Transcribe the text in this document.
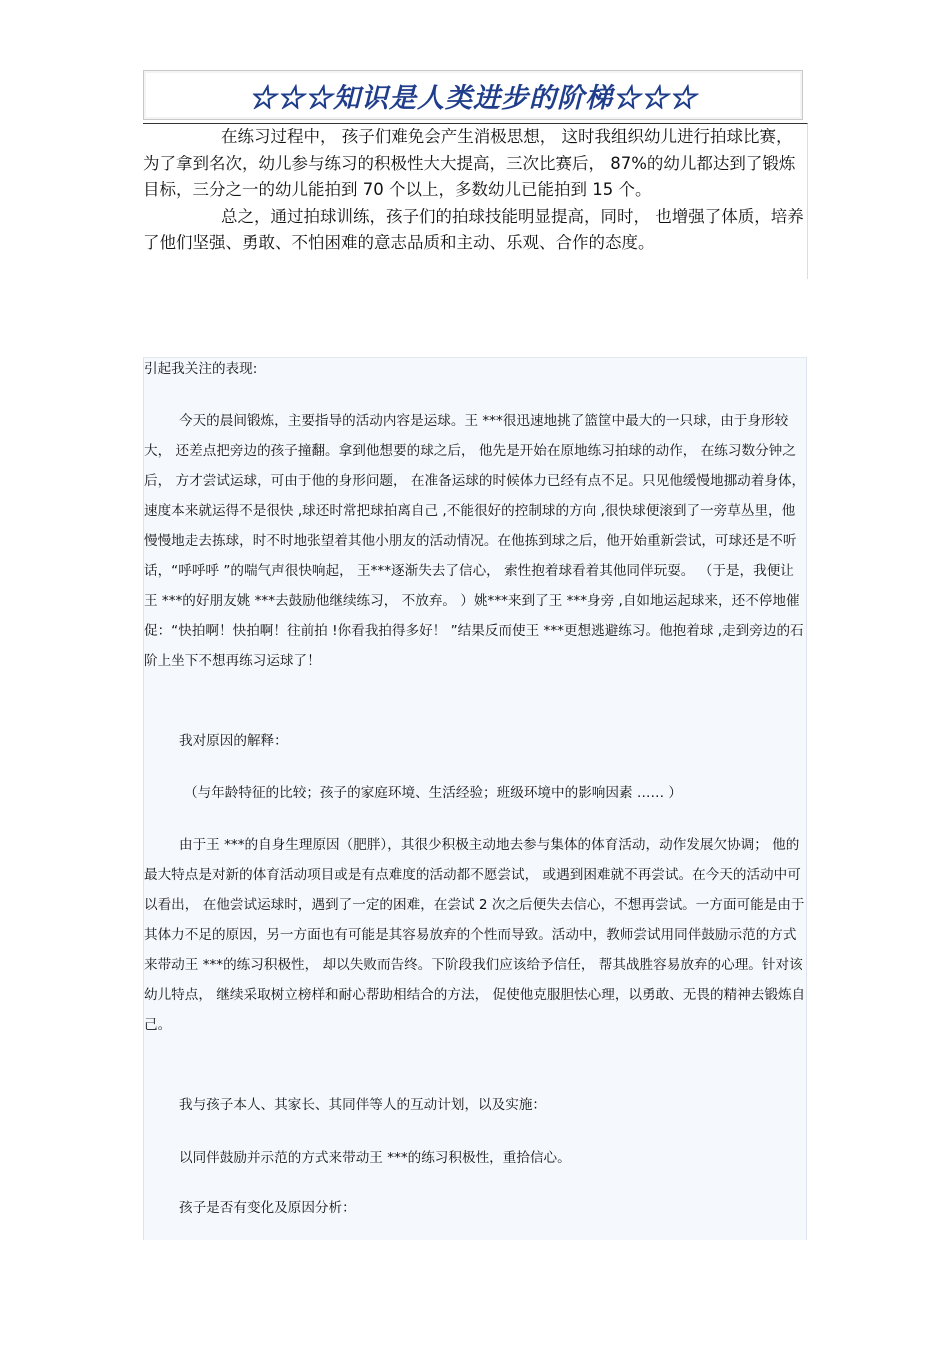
☆☆☆知识是人类进步的阶梯☆☆☆

在练习过程中， 孩子们难免会产生消极思想， 这时我组织幼儿进行拍球比赛，为了拿到名次，幼儿参与练习的积极性大大提高，三次比赛后， 87%的幼儿都达到了锻炼目标，三分之一的幼儿能拍到 70 个以上，多数幼儿已能拍到 15 个。

总之，通过拍球训练，孩子们的拍球技能明显提高，同时， 也增强了体质，培养了他们坚强、勇敢、不怕困难的意志品质和主动、乐观、合作的态度。

引起我关注的表现:

今天的晨间锻炼，主要指导的活动内容是运球。王 ***很迅速地挑了篮筐中最大的一只球，由于身形较大， 还差点把旁边的孩子撞翻。拿到他想要的球之后， 他先是开始在原地练习拍球的动作， 在练习数分钟之后， 方才尝试运球，可由于他的身形问题， 在准备运球的时候体力已经有点不足。只见他缓慢地挪动着身体，速度本来就运得不是很快 ,球还时常把球拍离自己 ,不能很好的控制球的方向 ,很快球便滚到了一旁草丛里，他慢慢地走去拣球，时不时地张望着其他小朋友的活动情况。在他拣到球之后，他开始重新尝试，可球还是不听话，“呼呼呼 ”的喘气声很快响起， 王***逐渐失去了信心， 索性抱着球看着其他同伴玩耍。 （于是，我便让王 ***的好朋友姚 ***去鼓励他继续练习， 不放弃。 ）姚***来到了王 ***身旁 ,自如地运起球来，还不停地催促：“快拍啊！快拍啊！往前拍 !你看我拍得多好！ ”结果反而使王 ***更想逃避练习。他抱着球 ,走到旁边的石阶上坐下不想再练习运球了！

我对原因的解释：
（与年龄特征的比较；孩子的家庭环境、生活经验；班级环境中的影响因素 …… ）

由于王 ***的自身生理原因（肥胖），其很少积极主动地去参与集体的体育活动，动作发展欠协调； 他的最大特点是对新的体育活动项目或是有点难度的活动都不愿尝试， 或遇到困难就不再尝试。在今天的活动中可以看出， 在他尝试运球时，遇到了一定的困难，在尝试 2 次之后便失去信心，不想再尝试。一方面可能是由于其体力不足的原因，另一方面也有可能是其容易放弃的个性而导致。活动中，教师尝试用同伴鼓励示范的方式来带动王 ***的练习积极性， 却以失败而告终。下阶段我们应该给予信任， 帮其战胜容易放弃的心理。针对该幼儿特点， 继续采取树立榜样和耐心帮助相结合的方法， 促使他克服胆怯心理，以勇敢、无畏的精神去锻炼自己。

我与孩子本人、其家长、其同伴等人的互动计划，以及实施：
以同伴鼓励并示范的方式来带动王 ***的练习积极性，重拾信心。
孩子是否有变化及原因分析：
